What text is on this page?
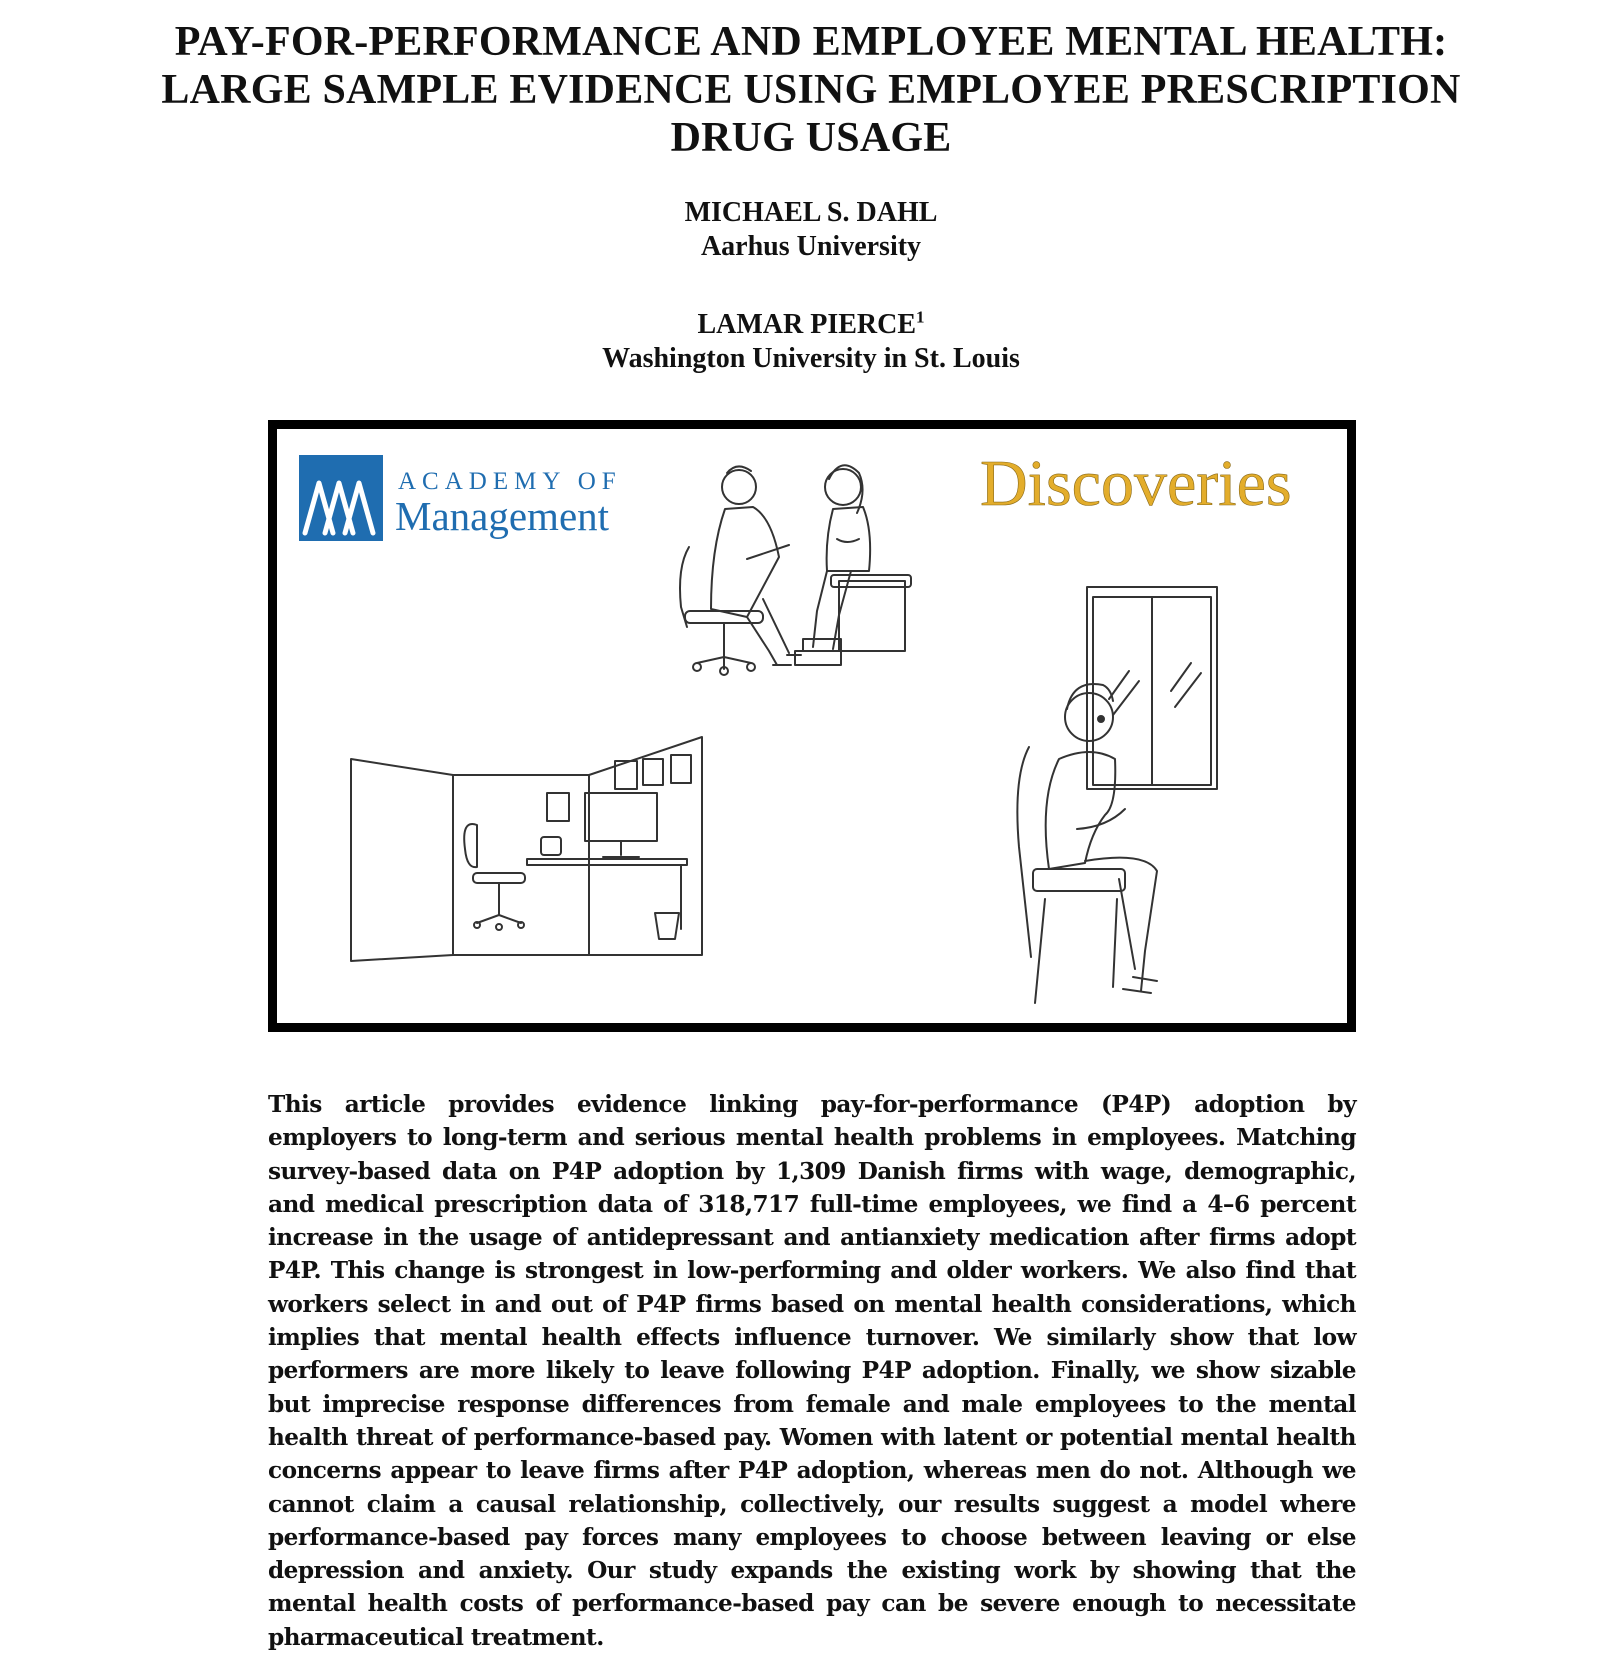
PAY-FOR-PERFORMANCE AND EMPLOYEE MENTAL HEALTH:
LARGE SAMPLE EVIDENCE USING EMPLOYEE PRESCRIPTION
DRUG USAGE
MICHAEL S. DAHL
Aarhus University
LAMAR PIERCE$^1$
Washington University in St. Louis
ACADEMY OF
Management	Discoveries
This article provides evidence linking pay-for-performance (P4P) adoption by employers to long-term and serious mental health problems in employees. Matching survey-based data on P4P adoption by 1,309 Danish firms with wage, demographic, and medical prescription data of 318,717 full-time employees, we find a 4–6 percent increase in the usage of antidepressant and antianxiety medication after firms adopt P4P. This change is strongest in low-performing and older workers. We also find that workers select in and out of P4P firms based on mental health considerations, which implies that mental health effects influence turnover. We similarly show that low performers are more likely to leave following P4P adoption. Finally, we show sizable but imprecise response differences from female and male employees to the mental health threat of performance-based pay. Women with latent or potential mental health concerns appear to leave firms after P4P adoption, whereas men do not. Although we cannot claim a causal relationship, collectively, our results suggest a model where performance-based pay forces many employees to choose between leaving or else depression and anxiety. Our study expands the existing work by showing that the mental health costs of performance-based pay can be severe enough to necessitate pharmaceutical treatment.
